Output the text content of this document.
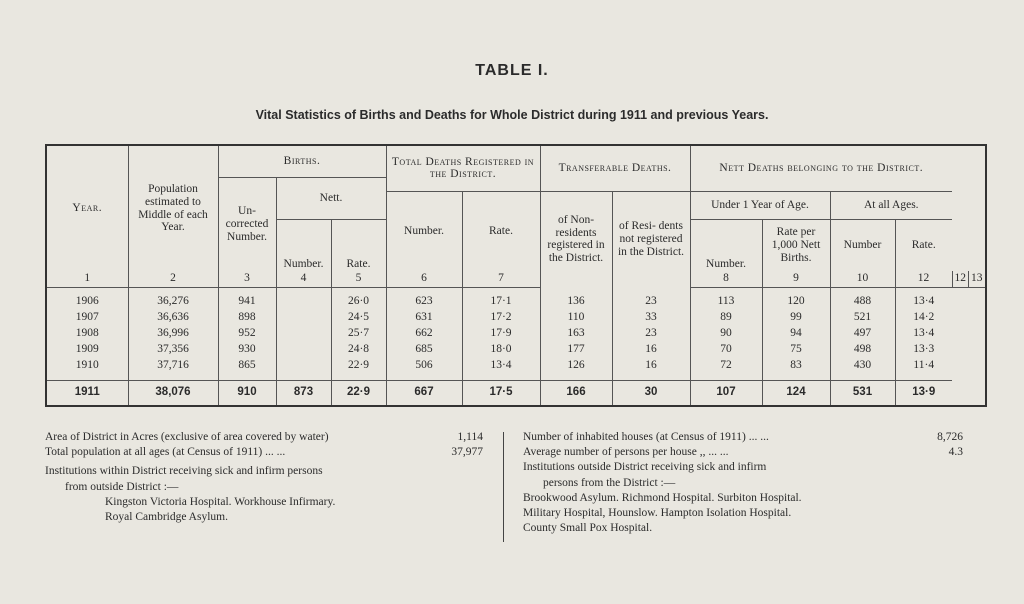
TABLE I.
Vital Statistics of Births and Deaths for Whole District during 1911 and previous Years.
Year.	Population estimated to Middle of each Year.	Births.			Total Deaths Registered in the District.		Transferable Deaths.		Nett Deaths belonging to the District.					
		Un- corrected Number.	Nett.											
					Number.	Rate.	of Non- residents registered in the District.	of Resi- dents not registered in the District.	Under 1 Year of Age.		At all Ages.			
			Number.	Rate.					Number.	Rate per 1,000 Nett Births.	Number	Rate.		
1	2	3	4	5	6	7			8	9	10	12	12	13

1906	36,276	941		26·0	623	17·1	136	23	113	120	488	13·4		
1907	36,636	898		24·5	631	17·2	110	33	89	99	521	14·2		
1908	36,996	952		25·7	662	17·9	163	23	90	94	497	13·4		
1909	37,356	930		24·8	685	18·0	177	16	70	75	498	13·3		
1910	37,716	865		22·9	506	13·4	126	16	72	83	430	11·4		

1911	38,076	910	873	22·9	667	17·5	166	30	107	124	531	13·9		
Area of District in Acres (exclusive of area covered by water)	1,114
Total population at all ages (at Census of 1911) ... ...	37,977
Institutions within District receiving sick and infirm persons
from outside District :—
Kingston Victoria Hospital. Workhouse Infirmary.
Royal Cambridge Asylum.
Number of inhabited houses (at Census of 1911) ... ...	8,726
Average number of persons per house ,, ... ...	4.3
Institutions outside District receiving sick and infirm
persons from the District :—
Brookwood Asylum. Richmond Hospital. Surbiton Hospital.
Military Hospital, Hounslow. Hampton Isolation Hospital.
County Small Pox Hospital.
